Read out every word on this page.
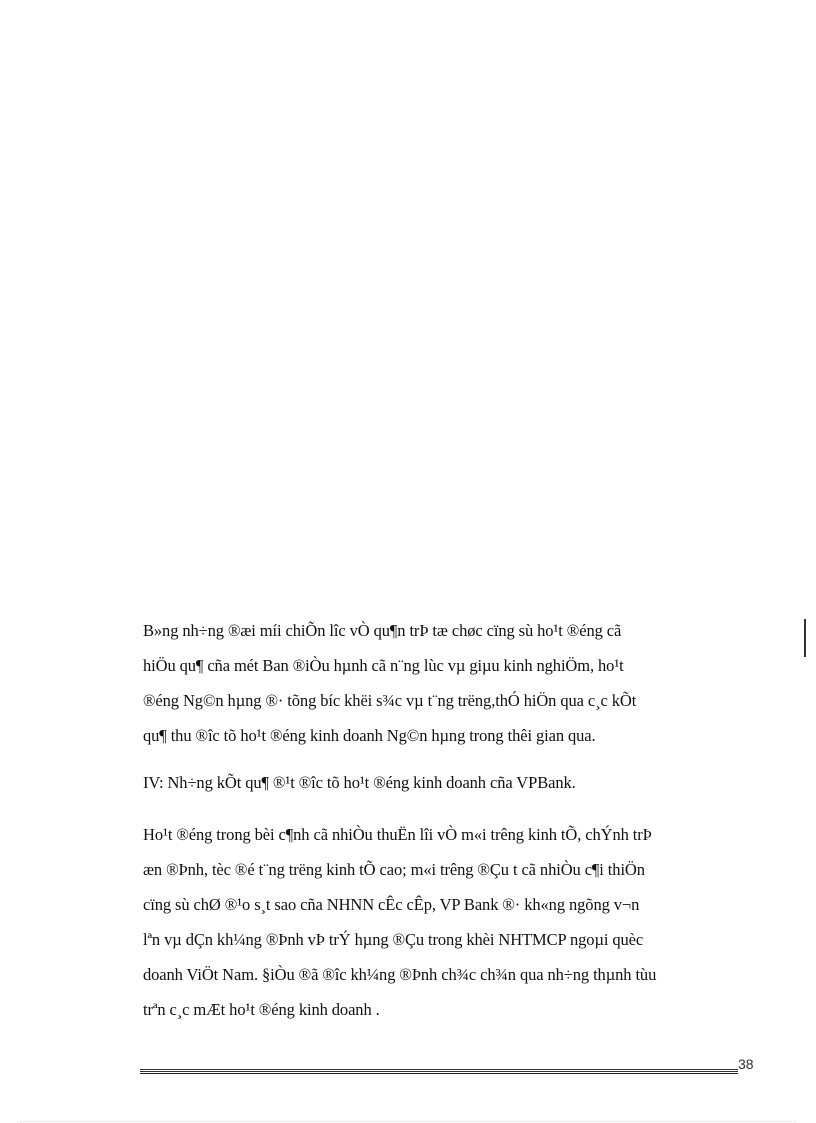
B»ng nh÷ng ®æi míi chiÕn lîc vÒ qu¶n trÞ tæ chøc cïng sù ho¹t ®éng cã
hiÖu qu¶ cña mét Ban ®iÒu hµnh cã n¨ng lùc vµ giµu kinh nghiÖm, ho¹t
®éng Ng©n hµng ®· tõng bíc khëi s¾c vµ t¨ng trëng,thÓ hiÖn qua c¸c kÕt
qu¶ thu ®îc tõ ho¹t ®éng kinh doanh Ng©n hµng trong thêi gian qua.
IV: Nh÷ng kÕt qu¶ ®¹t ®îc tõ ho¹t ®éng kinh doanh cña VPBank.
Ho¹t ®éng trong bèi c¶nh cã nhiÒu thuËn lîi vÒ m«i trêng kinh tÕ, chÝnh trÞ
æn ®Þnh, tèc ®é t¨ng trëng kinh tÕ cao; m«i trêng ®Çu t cã nhiÒu c¶i thiÖn
cïng sù chØ ®¹o s¸t sao cña NHNN cÊc cÊp, VP Bank ®· kh«ng ngõng v¬n
lªn vµ dÇn kh¼ng ®Þnh vÞ trÝ hµng ®Çu trong khèi NHTMCP ngoµi quèc
doanh ViÖt Nam. §iÒu ®ã ®îc kh¼ng ®Þnh ch¾c ch¾n qua nh÷ng thµnh tùu
trªn c¸c mÆt ho¹t ®éng kinh doanh .
38
